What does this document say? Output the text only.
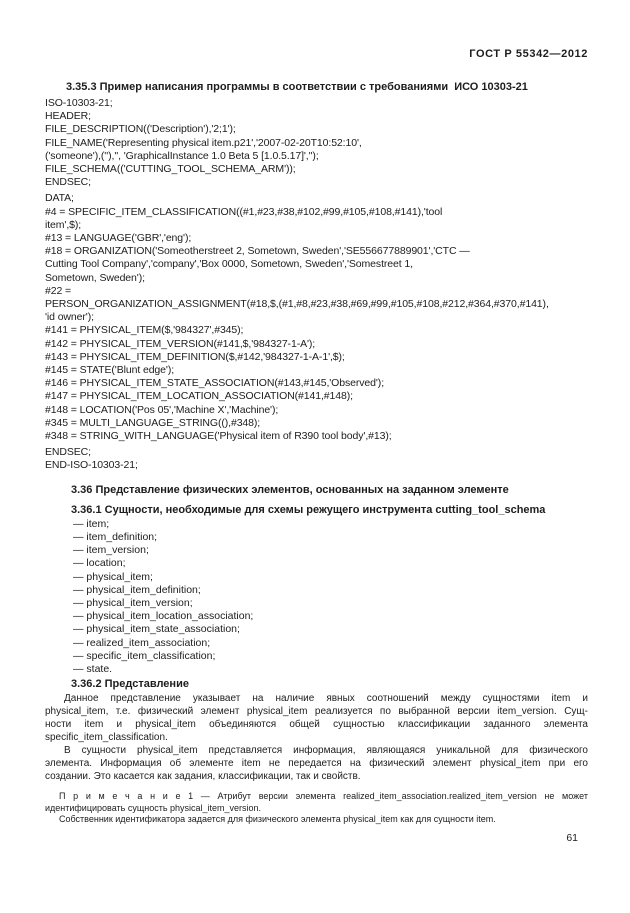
ГОСТ Р 55342—2012
3.35.3 Пример написания программы в соответствии с требованиями  ИСО 10303-21
ISO-10303-21;
HEADER;
FILE_DESCRIPTION(('Description'),'2;1');
FILE_NAME('Representing physical item.p21','2007-02-20T10:52:10',
('someone'),(''),'', 'GraphicalInstance 1.0 Beta 5 [1.0.5.17]','');
FILE_SCHEMA(('CUTTING_TOOL_SCHEMA_ARM'));
ENDSEC;
DATA;
#4 = SPECIFIC_ITEM_CLASSIFICATION((#1,#23,#38,#102,#99,#105,#108,#141),'tool
item',$);
#13 = LANGUAGE('GBR','eng');
#18 = ORGANIZATION('Someotherstreet 2, Sometown, Sweden','SE556677889901','CTC —
Cutting Tool Company','company','Box 0000, Sometown, Sweden','Somestreet 1,
Sometown, Sweden');
#22 =
PERSON_ORGANIZATION_ASSIGNMENT(#18,$,(#1,#8,#23,#38,#69,#99,#105,#108,#212,#364,#370,#141),
'id owner');
#141 = PHYSICAL_ITEM($,'984327',#345);
#142 = PHYSICAL_ITEM_VERSION(#141,$,'984327-1-A');
#143 = PHYSICAL_ITEM_DEFINITION($,#142,'984327-1-A-1',$);
#145 = STATE('Blunt edge');
#146 = PHYSICAL_ITEM_STATE_ASSOCIATION(#143,#145,'Observed');
#147 = PHYSICAL_ITEM_LOCATION_ASSOCIATION(#141,#148);
#148 = LOCATION('Pos 05','Machine X','Machine');
#345 = MULTI_LANGUAGE_STRING((),#348);
#348 = STRING_WITH_LANGUAGE('Physical item of R390 tool body',#13);
ENDSEC;
END-ISO-10303-21;
3.36 Представление физических элементов, основанных на заданном элементе
3.36.1 Сущности, необходимые для схемы режущего инструмента cutting_tool_schema
— item;
— item_definition;
— item_version;
— location;
— physical_item;
— physical_item_definition;
— physical_item_version;
— physical_item_location_association;
— physical_item_state_association;
— realized_item_association;
— specific_item_classification;
— state.
3.36.2 Представление
Данное представление указывает на наличие явных соотношений между сущностями item и
physical_item, т.е. физический элемент physical_item реализуется по выбранной версии item_version. Сущ-
ности item и physical_item объединяются общей сущностью классификации заданного элемента
specific_item_classification.
В сущности physical_item представляется информация, являющаяся уникальной для физического
элемента. Информация об элементе item не передается на физический элемент physical_item при его
создании. Это касается как задания, классификации, так и свойств.
П р и м е ч а н и е 1 — Атрибут версии элемента realized_item_association.realized_item_version не может
идентифицировать сущность physical_item_version.
Собственник идентификатора задается для физического элемента physical_item как для сущности item.
61
